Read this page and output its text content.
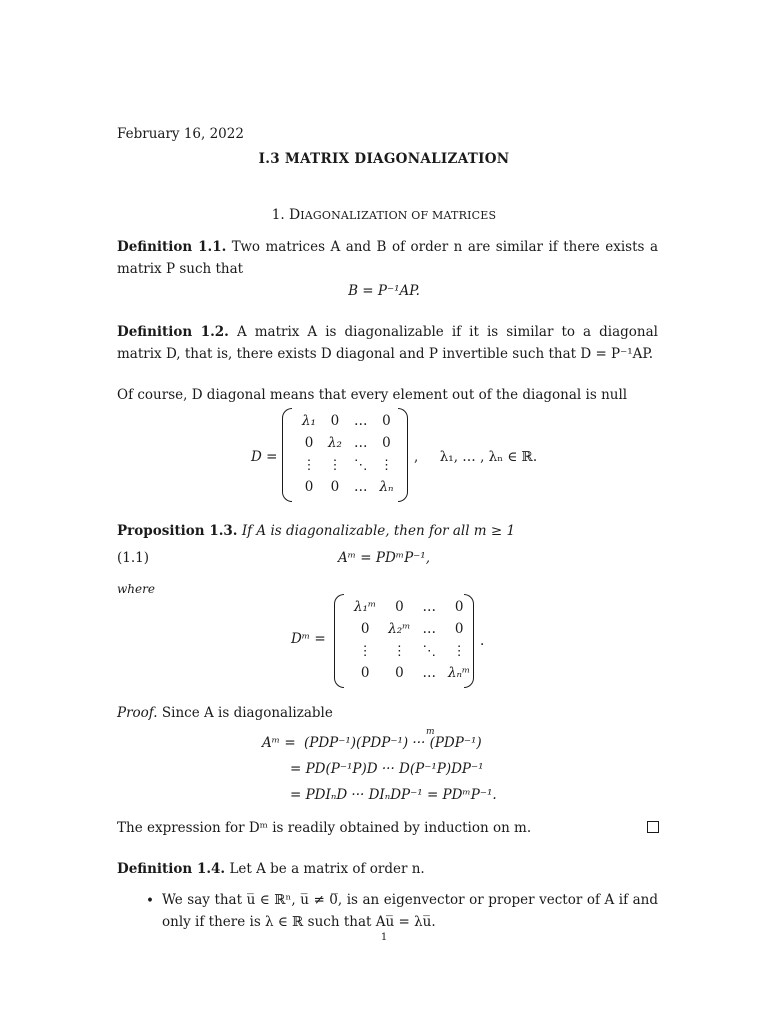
February 16, 2022
I.3 MATRIX DIAGONALIZATION
1. DIAGONALIZATION OF MATRICES
Definition 1.1. Two matrices A and B of order n are similar if there exists a matrix P such that
B = P⁻¹AP.
Definition 1.2. A matrix A is diagonalizable if it is similar to a diagonal matrix D, that is, there exists D diagonal and P invertible such that D = P⁻¹AP.
Of course, D diagonal means that every element out of the diagonal is null
D =
λ₁	0	…	0
0	λ₂	…	0
⋮	⋮	⋱	⋮
0	0	…	λₙ
,     λ₁, … , λₙ ∈ ℝ.
Proposition 1.3. If A is diagonalizable, then for all m ≥ 1
(1.1)	Aᵐ = PDᵐP⁻¹,
where
Dᵐ =
λ₁ᵐ	0	…	0
0	λ₂ᵐ	…	0
⋮	⋮	⋱	⋮
0	0	…	λₙᵐ
.
Proof. Since A is diagonalizable
Aᵐ = (PDP⁻¹)(PDP⁻¹) ··· (PDP⁻¹)
m
= PD(P⁻¹P)D ··· D(P⁻¹P)DP⁻¹
= PDIₙD ··· DIₙDP⁻¹ = PDᵐP⁻¹.
The expression for Dᵐ is readily obtained by induction on m.
Definition 1.4. Let A be a matrix of order n.
• We say that u̅ ∈ ℝⁿ, u̅ ≠ 0̅, is an eigenvector or proper vector of A if and only if there is λ ∈ ℝ such that Au̅ = λu̅.
1
